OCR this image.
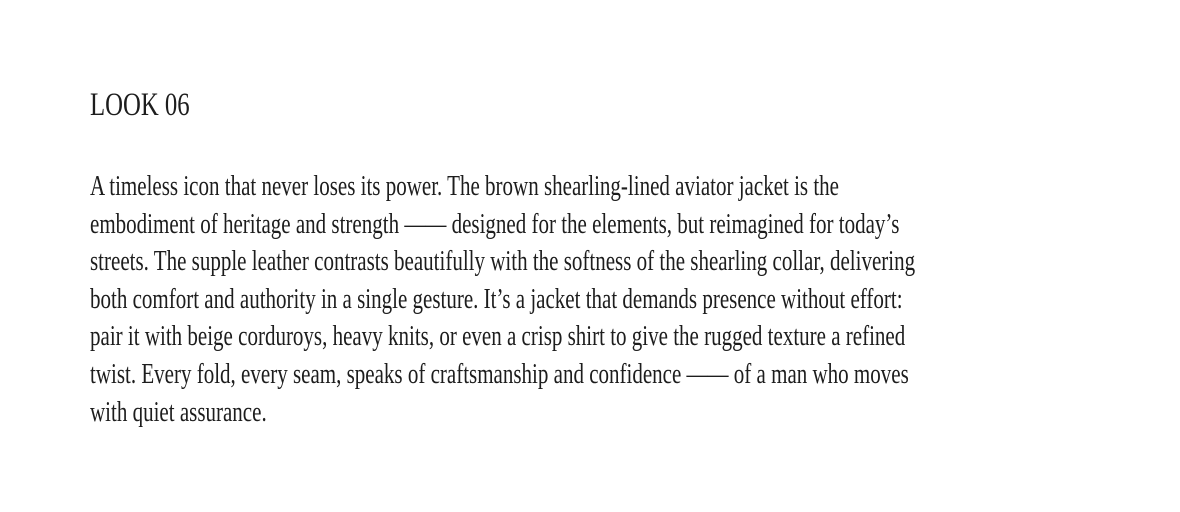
LOOK 06
A timeless icon that never loses its power. The brown shearling-lined aviator jacket is the
embodiment of heritage and strength —— designed for the elements, but reimagined for today’s
streets. The supple leather contrasts beautifully with the softness of the shearling collar, delivering
both comfort and authority in a single gesture. It’s a jacket that demands presence without effort:
pair it with beige corduroys, heavy knits, or even a crisp shirt to give the rugged texture a refined
twist. Every fold, every seam, speaks of craftsmanship and confidence —— of a man who moves
with quiet assurance.
